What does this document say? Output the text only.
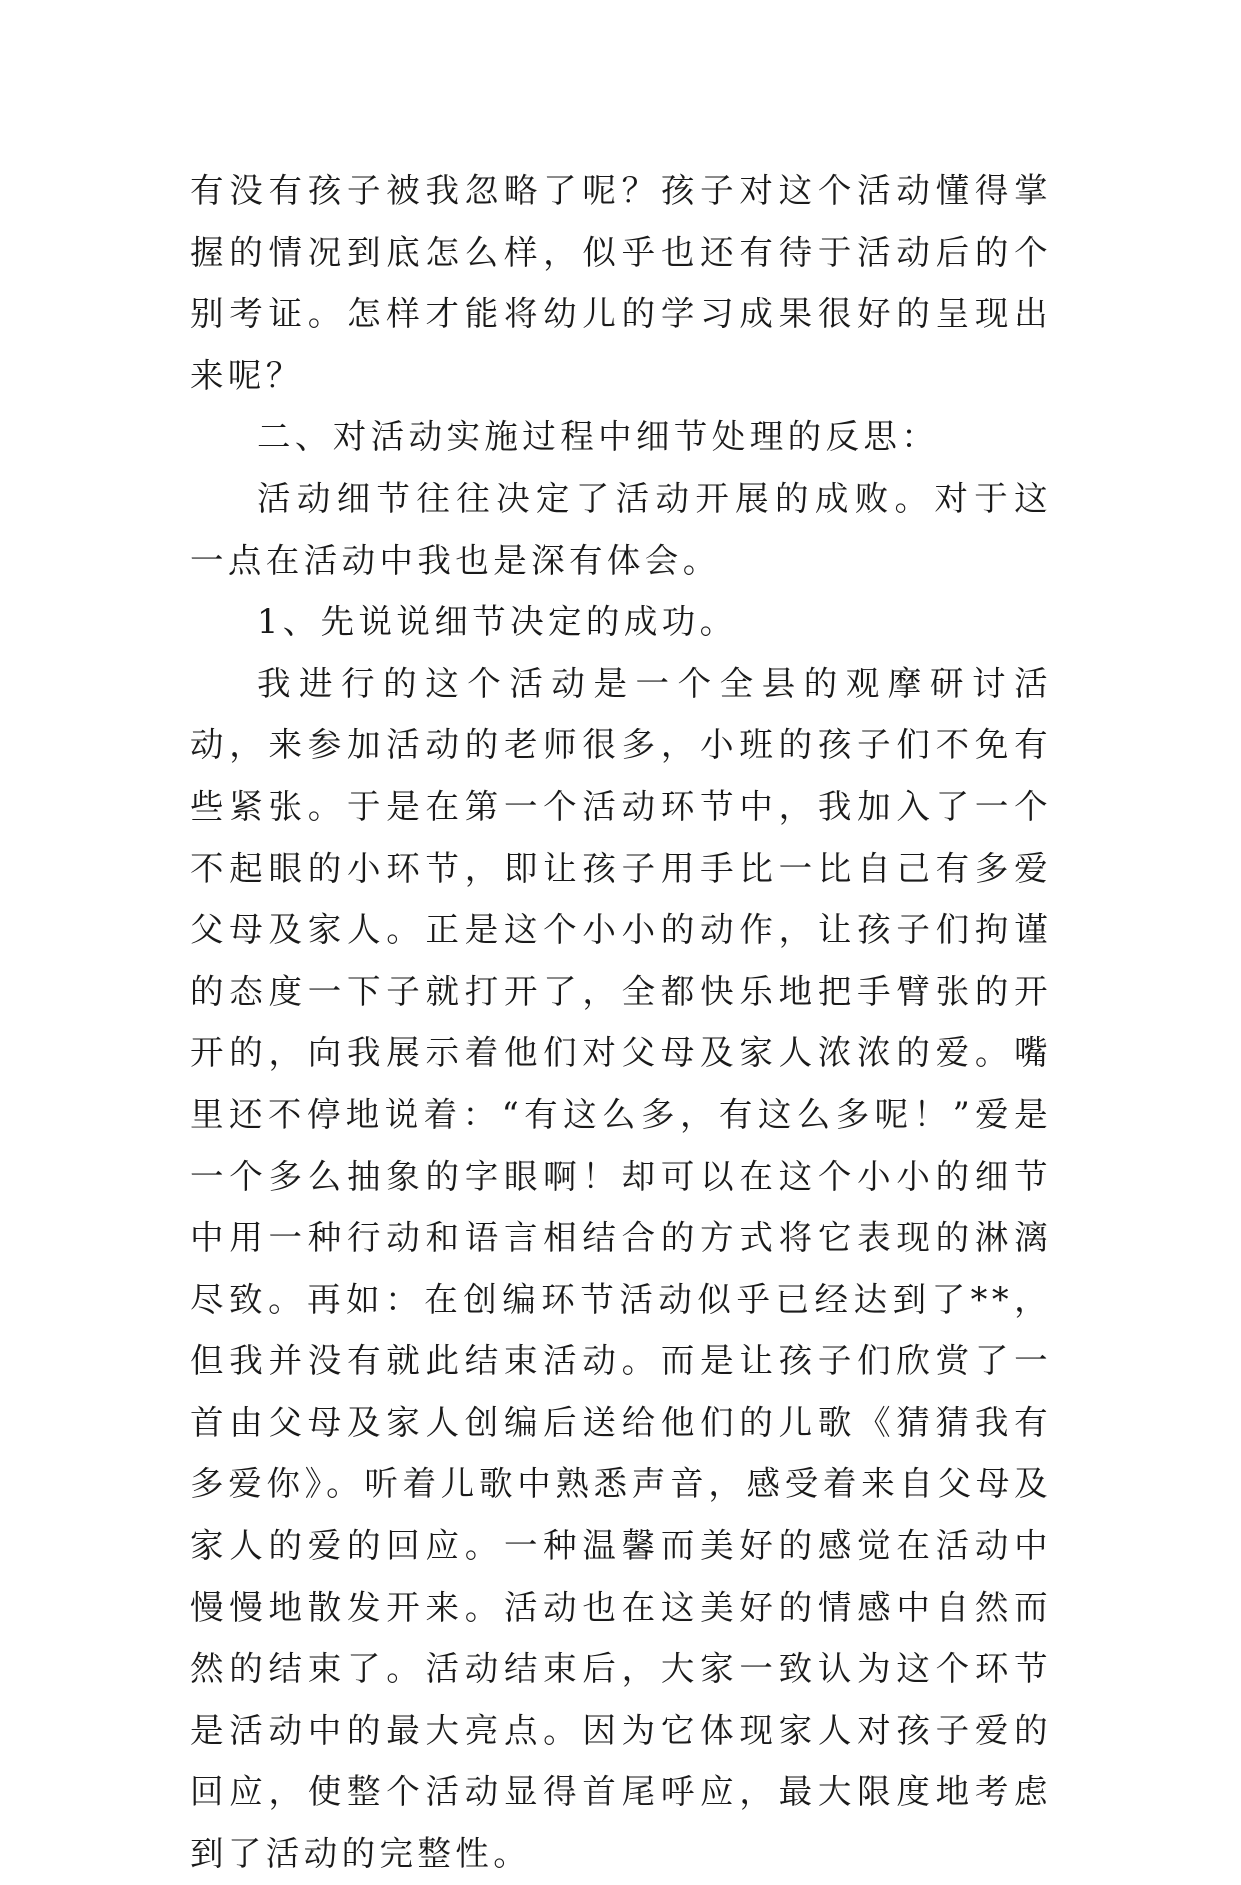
有没有孩子被我忽略了呢？孩子对这个活动懂得掌握的情况到底怎么样，似乎也还有待于活动后的个别考证。怎样才能将幼儿的学习成果很好的呈现出来呢？

二、对活动实施过程中细节处理的反思：

活动细节往往决定了活动开展的成败。对于这一点在活动中我也是深有体会。

1、先说说细节决定的成功。

我进行的这个活动是一个全县的观摩研讨活动，来参加活动的老师很多，小班的孩子们不免有些紧张。于是在第一个活动环节中，我加入了一个不起眼的小环节，即让孩子用手比一比自己有多爱父母及家人。正是这个小小的动作，让孩子们拘谨的态度一下子就打开了，全都快乐地把手臂张的开开的，向我展示着他们对父母及家人浓浓的爱。嘴里还不停地说着：“有这么多，有这么多呢！”爱是一个多么抽象的字眼啊！却可以在这个小小的细节中用一种行动和语言相结合的方式将它表现的淋漓尽致。再如：在创编环节活动似乎已经达到了**，但我并没有就此结束活动。而是让孩子们欣赏了一首由父母及家人创编后送给他们的儿歌《猜猜我有多爱你》。听着儿歌中熟悉声音，感受着来自父母及家人的爱的回应。一种温馨而美好的感觉在活动中慢慢地散发开来。活动也在这美好的情感中自然而然的结束了。活动结束后，大家一致认为这个环节是活动中的最大亮点。因为它体现家人对孩子爱的回应，使整个活动显得首尾呼应，最大限度地考虑到了活动的完整性。
